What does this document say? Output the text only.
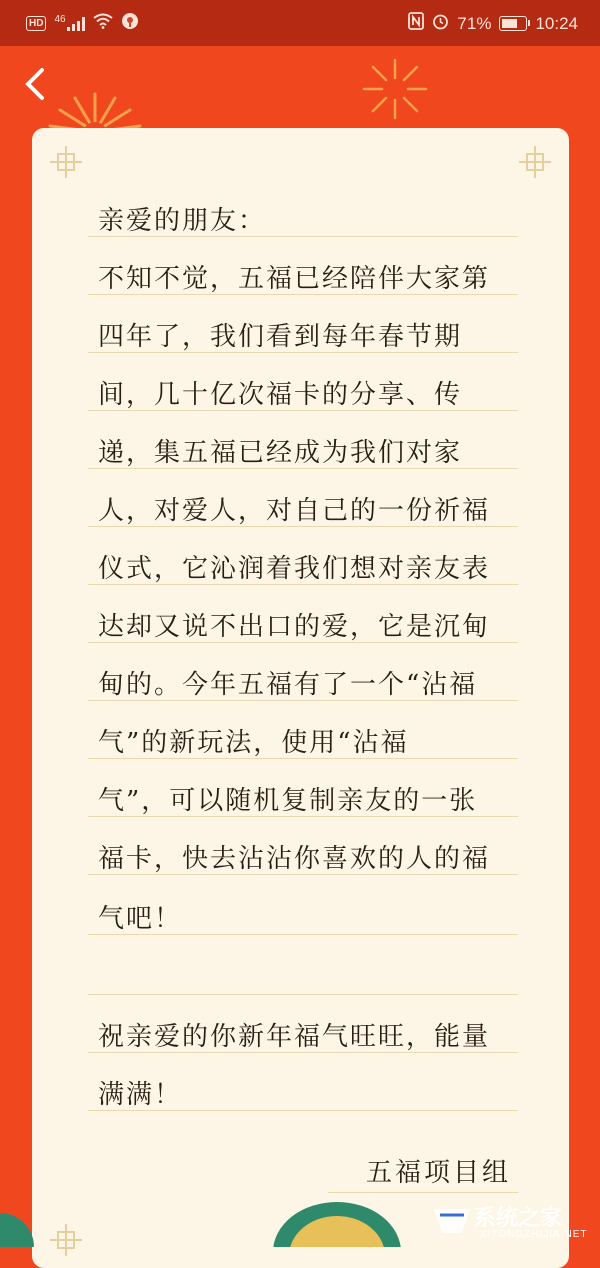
HD	46	71%	10:24
亲爱的朋友：
不知不觉，五福已经陪伴大家第
四年了，我们看到每年春节期
间，几十亿次福卡的分享、传
递，集五福已经成为我们对家
人，对爱人，对自己的一份祈福
仪式，它沁润着我们想对亲友表
达却又说不出口的爱，它是沉甸
甸的。今年五福有了一个“沾福
气”的新玩法，使用“沾福
气”，可以随机复制亲友的一张
福卡，快去沾沾你喜欢的人的福
气吧！
祝亲爱的你新年福气旺旺，能量
满满！
五福项目组
系统之家
XITONGZHIJIA.NET
